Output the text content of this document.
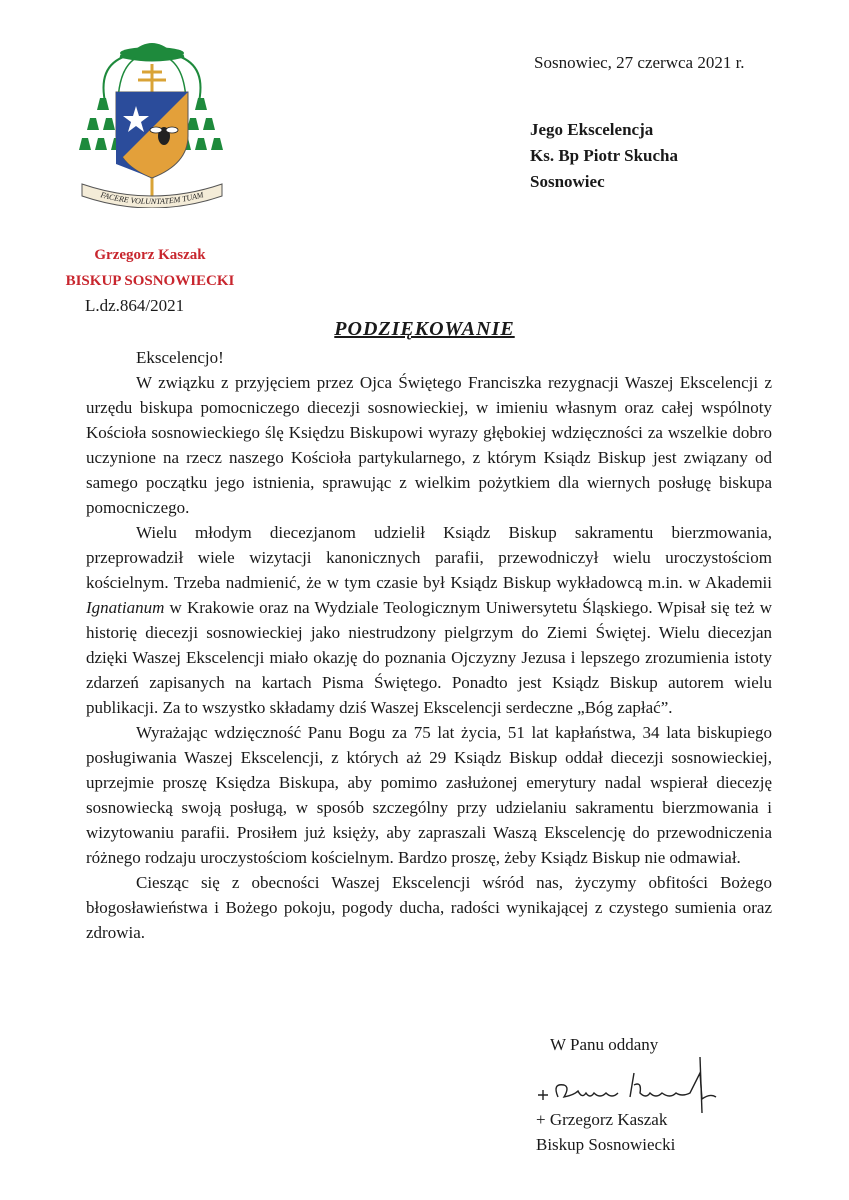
FACERE VOLUNTATEM TUAM
Grzegorz Kaszak
BISKUP SOSNOWIECKI
L.dz.864/2021
Sosnowiec, 27 czerwca 2021 r.
Jego Ekscelencja
Ks. Bp Piotr Skucha
Sosnowiec
PODZIĘKOWANIE

Ekscelencjo!

W związku z przyjęciem przez Ojca Świętego Franciszka rezygnacji Waszej Ekscelencji z urzędu biskupa pomocniczego diecezji sosnowieckiej, w imieniu własnym oraz całej wspólnoty Kościoła sosnowieckiego ślę Księdzu Biskupowi wyrazy głębokiej wdzięczności za wszelkie dobro uczynione na rzecz naszego Kościoła partykularnego, z którym Ksiądz Biskup jest związany od samego początku jego istnienia, sprawując z wielkim pożytkiem dla wiernych posługę biskupa pomocniczego.

Wielu młodym diecezjanom udzielił Ksiądz Biskup sakramentu bierzmowania, przeprowadził wiele wizytacji kanonicznych parafii, przewodniczył wielu uroczystościom kościelnym. Trzeba nadmienić, że w tym czasie był Ksiądz Biskup wykładowcą m.in. w Akademii Ignatianum w Krakowie oraz na Wydziale Teologicznym Uniwersytetu Śląskiego. Wpisał się też w historię diecezji sosnowieckiej jako niestrudzony pielgrzym do Ziemi Świętej. Wielu diecezjan dzięki Waszej Ekscelencji miało okazję do poznania Ojczyzny Jezusa i lepszego zrozumienia istoty zdarzeń zapisanych na kartach Pisma Świętego. Ponadto jest Ksiądz Biskup autorem wielu publikacji. Za to wszystko składamy dziś Waszej Ekscelencji serdeczne „Bóg zapłać”.

Wyrażając wdzięczność Panu Bogu za 75 lat życia, 51 lat kapłaństwa, 34 lata biskupiego posługiwania Waszej Ekscelencji, z których aż 29 Ksiądz Biskup oddał diecezji sosnowieckiej, uprzejmie proszę Księdza Biskupa, aby pomimo zasłużonej emerytury nadal wspierał diecezję sosnowiecką swoją posługą, w sposób szczególny przy udzielaniu sakramentu bierzmowania i wizytowaniu parafii. Prosiłem już księży, aby zapraszali Waszą Ekscelencję do przewodniczenia różnego rodzaju uroczystościom kościelnym. Bardzo proszę, żeby Ksiądz Biskup nie odmawiał.

Ciesząc się z obecności Waszej Ekscelencji wśród nas, życzymy obfitości Bożego błogosławieństwa i Bożego pokoju, pogody ducha, radości wynikającej z czystego sumienia oraz zdrowia.

W Panu oddany
+ Grzegorz Kaszak
Biskup Sosnowiecki
